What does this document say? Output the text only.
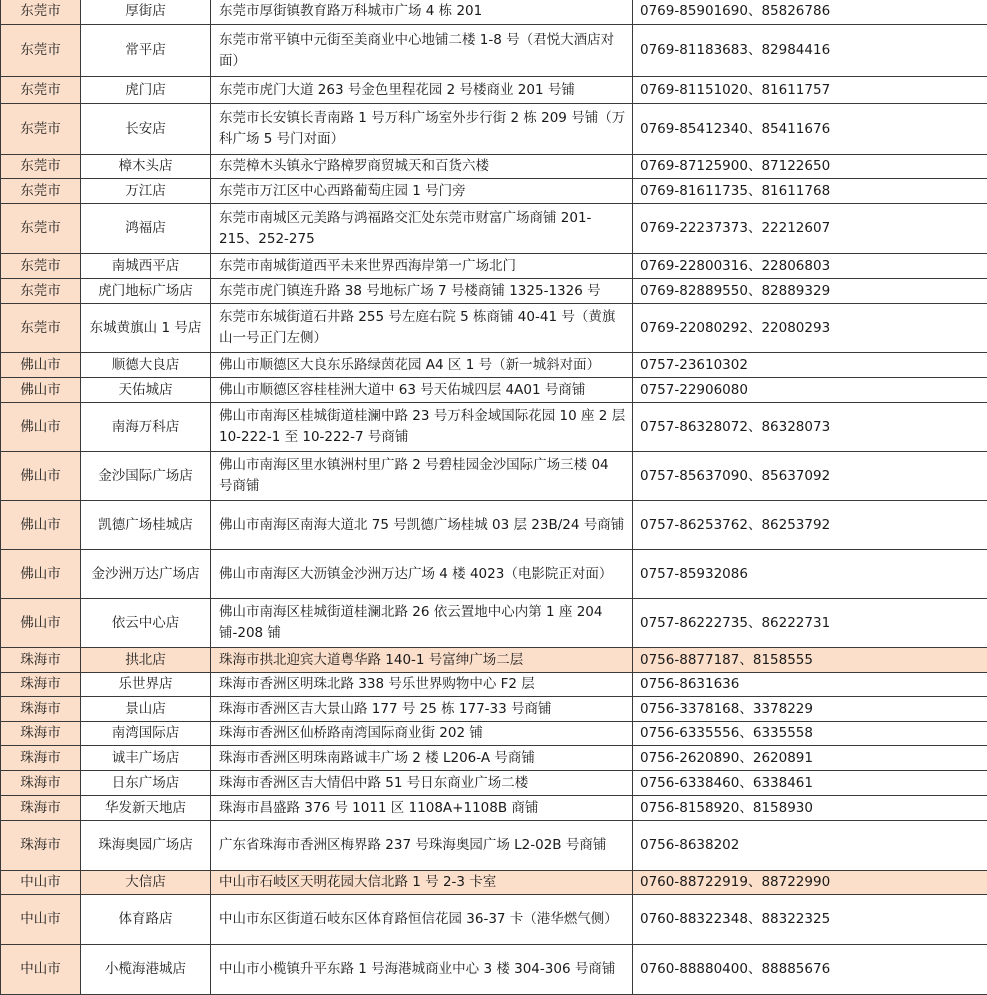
东莞市	厚街店	东莞市厚街镇教育路万科城市广场 4 栋 201	0769-85901690、85826786
东莞市	常平店	东莞市常平镇中元街至美商业中心地铺二楼 1-8 号（君悦大酒店对面）	0769-81183683、82984416
东莞市	虎门店	东莞市虎门大道 263 号金色里程花园 2 号楼商业 201 号铺	0769-81151020、81611757
东莞市	长安店	东莞市长安镇长青南路 1 号万科广场室外步行街 2 栋 209 号铺（万科广场 5 号门对面）	0769-85412340、85411676
东莞市	樟木头店	东莞樟木头镇永宁路樟罗商贸城天和百货六楼	0769-87125900、87122650
东莞市	万江店	东莞市万江区中心西路葡萄庄园 1 号门旁	0769-81611735、81611768
东莞市	鸿福店	东莞市南城区元美路与鸿福路交汇处东莞市财富广场商铺 201-215、252-275	0769-22237373、22212607
东莞市	南城西平店	东莞市南城街道西平未来世界西海岸第一广场北门	0769-22800316、22806803
东莞市	虎门地标广场店	东莞市虎门镇连升路 38 号地标广场 7 号楼商铺 1325-1326 号	0769-82889550、82889329
东莞市	东城黄旗山 1 号店	东莞市东城街道石井路 255 号左庭右院 5 栋商铺 40-41 号（黄旗山一号正门左侧）	0769-22080292、22080293
佛山市	顺德大良店	佛山市顺德区大良东乐路绿茵花园 A4 区 1 号（新一城斜对面）	0757-23610302
佛山市	天佑城店	佛山市顺德区容桂桂洲大道中 63 号天佑城四层 4A01 号商铺	0757-22906080
佛山市	南海万科店	佛山市南海区桂城街道桂澜中路 23 号万科金域国际花园 10 座 2 层 10-222-1 至 10-222-7 号商铺	0757-86328072、86328073
佛山市	金沙国际广场店	佛山市南海区里水镇洲村里广路 2 号碧桂园金沙国际广场三楼 04 号商铺	0757-85637090、85637092
佛山市	凯德广场桂城店	佛山市南海区南海大道北 75 号凯德广场桂城 03 层 23B/24 号商铺	0757-86253762、86253792
佛山市	金沙洲万达广场店	佛山市南海区大沥镇金沙洲万达广场 4 楼 4023（电影院正对面）	0757-85932086
佛山市	依云中心店	佛山市南海区桂城街道桂澜北路 26 依云置地中心内第 1 座 204 铺-208 铺	0757-86222735、86222731
珠海市	拱北店	珠海市拱北迎宾大道粤华路 140-1 号富绅广场二层	0756-8877187、8158555
珠海市	乐世界店	珠海市香洲区明珠北路 338 号乐世界购物中心 F2 层	0756-8631636
珠海市	景山店	珠海市香洲区吉大景山路 177 号 25 栋 177-33 号商铺	0756-3378168、3378229
珠海市	南湾国际店	珠海市香洲区仙桥路南湾国际商业街 202 铺	0756-6335556、6335558
珠海市	诚丰广场店	珠海市香洲区明珠南路诚丰广场 2 楼 L206-A 号商铺	0756-2620890、2620891
珠海市	日东广场店	珠海市香洲区吉大情侣中路 51 号日东商业广场二楼	0756-6338460、6338461
珠海市	华发新天地店	珠海市昌盛路 376 号 1011 区 1108A+1108B 商铺	0756-8158920、8158930
珠海市	珠海奥园广场店	广东省珠海市香洲区梅界路 237 号珠海奥园广场 L2-02B 号商铺	0756-8638202
中山市	大信店	中山市石岐区天明花园大信北路 1 号 2-3 卡室	0760-88722919、88722990
中山市	体育路店	中山市东区街道石岐东区体育路恒信花园 36-37 卡（港华燃气侧）	0760-88322348、88322325
中山市	小榄海港城店	中山市小榄镇升平东路 1 号海港城商业中心 3 楼 304-306 号商铺	0760-88880400、88885676
